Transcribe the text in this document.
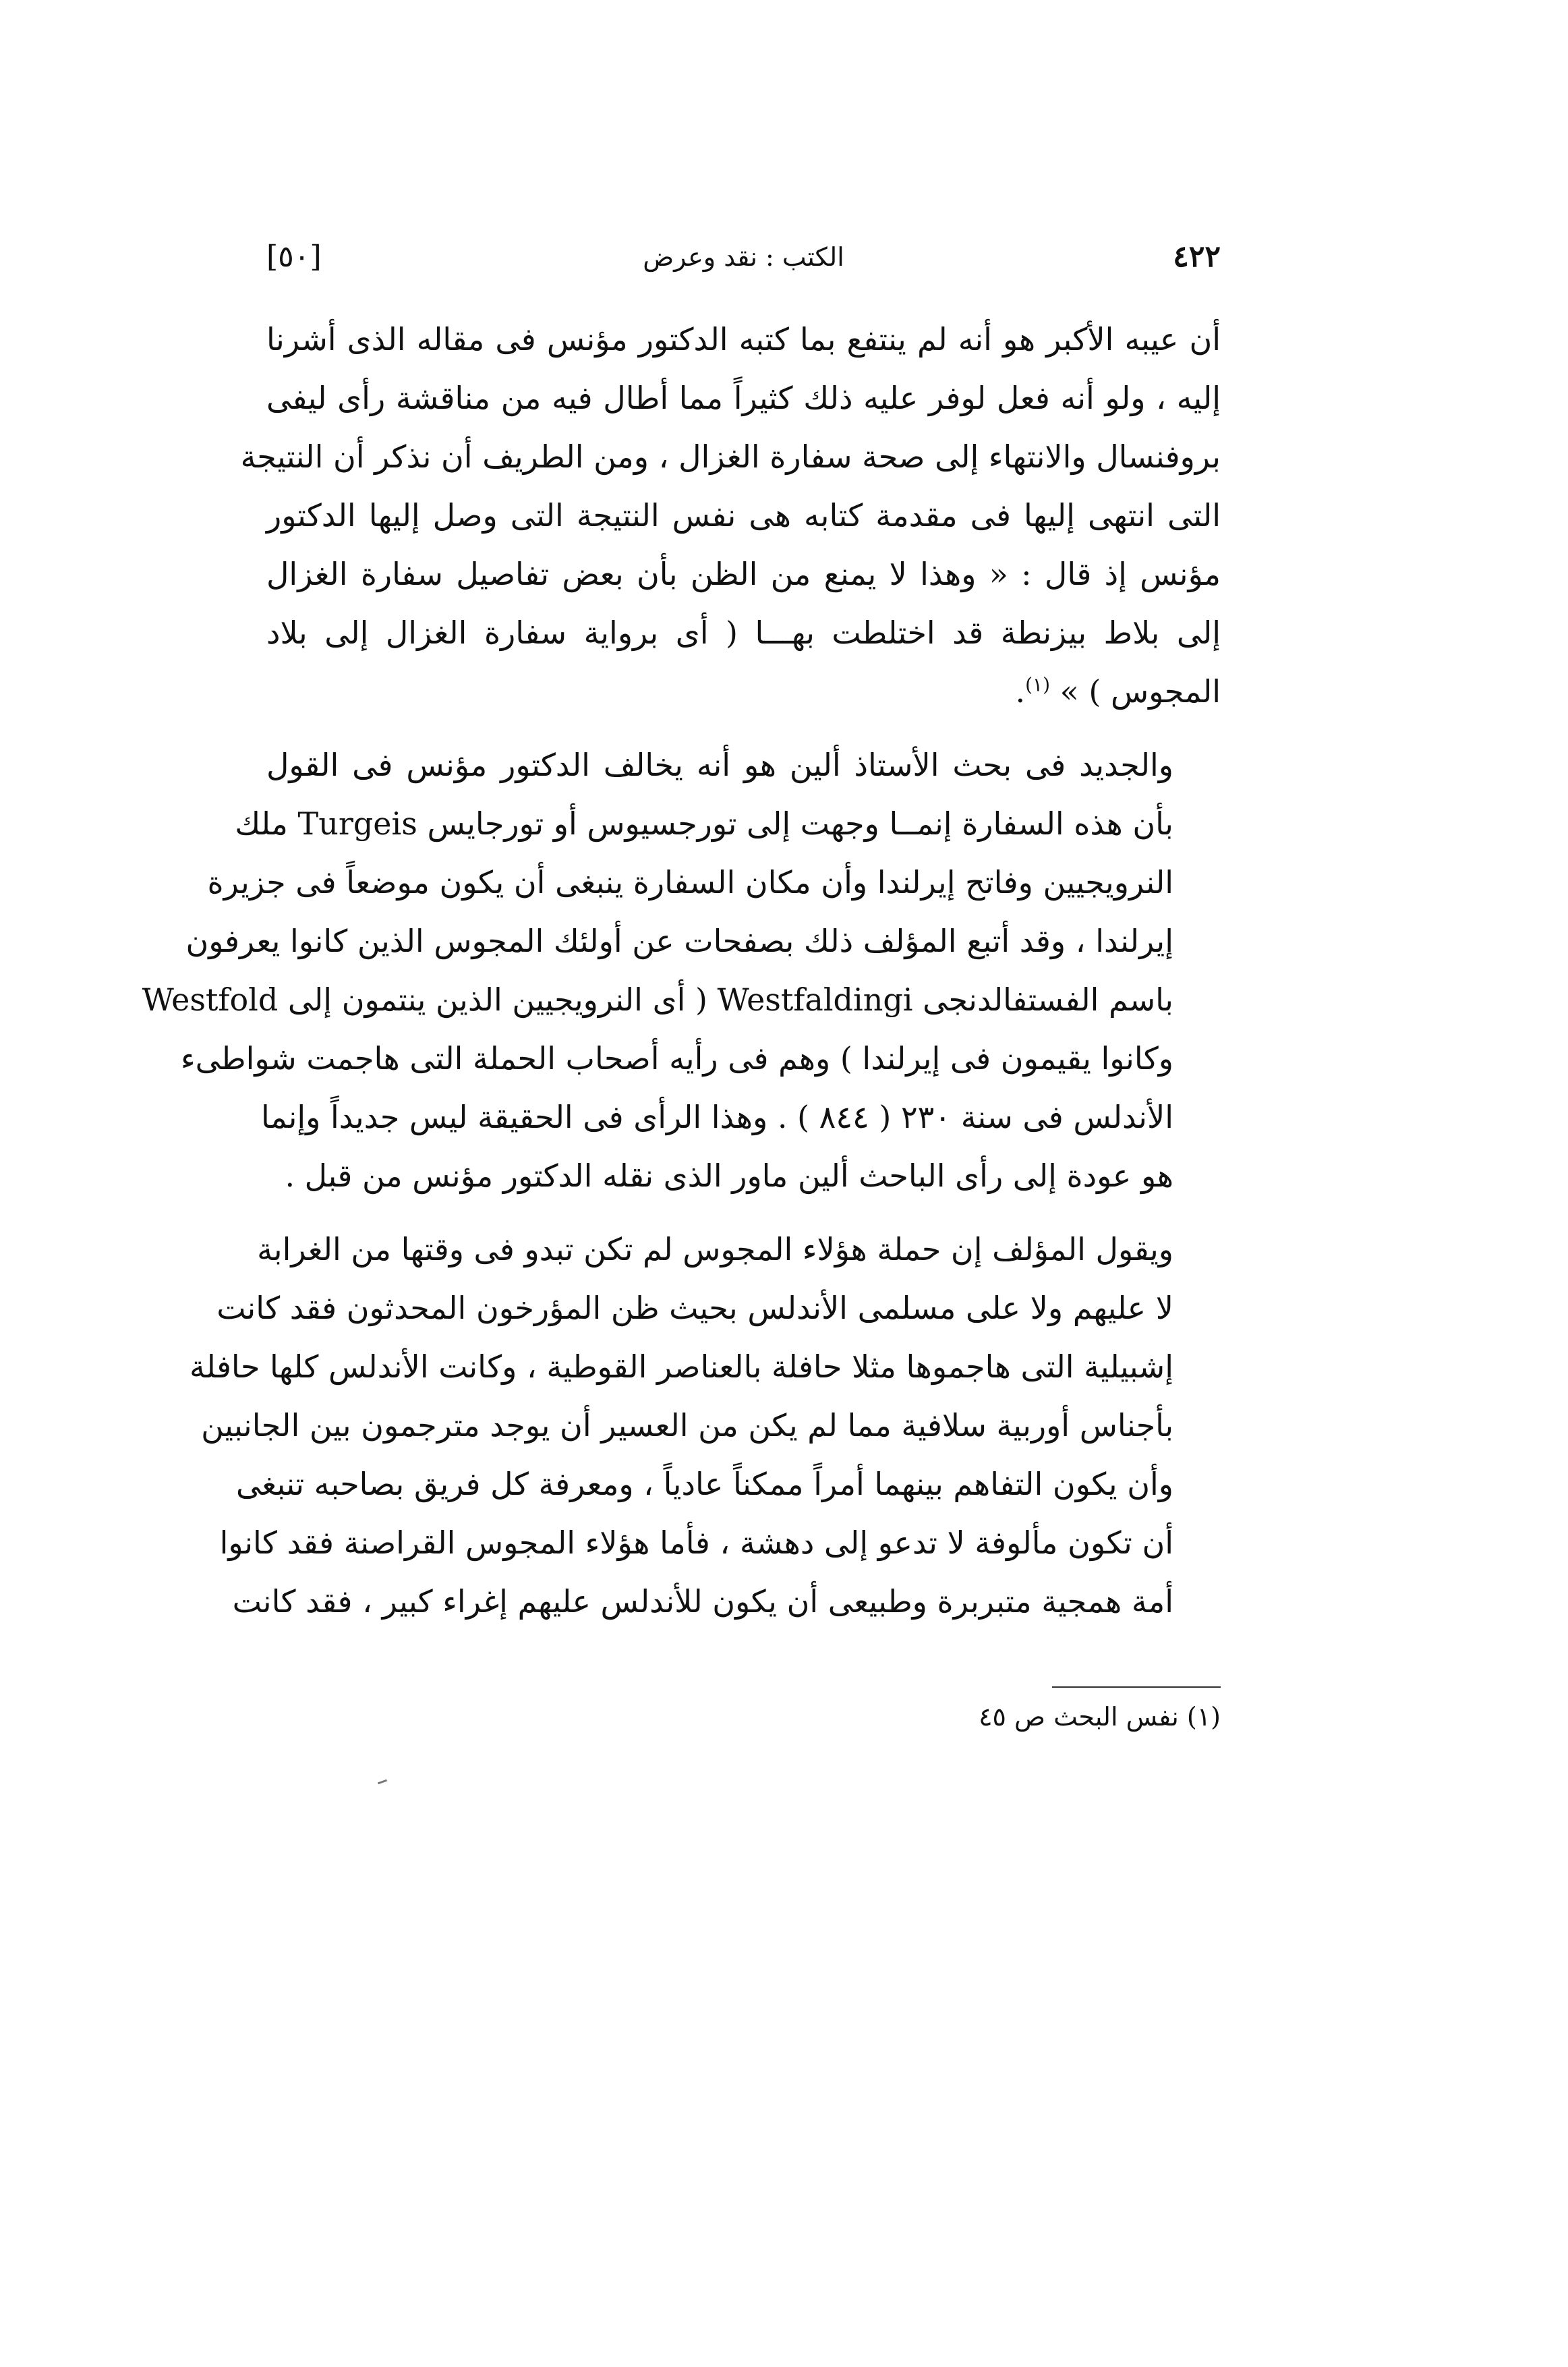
٤٢٢
الكتب : نقد وعرض
[٥٠]

أن عيبه الأكبر هو أنه لم ينتفع بما كتبه الدكتور مؤنس فى مقاله الذى أشرنا
إليه ، ولو أنه فعل لوفر عليه ذلك كثيراً مما أطال فيه من مناقشة رأى ليفى
بروفنسال والانتهاء إلى صحة سفارة الغزال ، ومن الطريف أن نذكر أن النتيجة
التى انتهى إليها فى مقدمة كتابه هى نفس النتيجة التى وصل إليها الدكتور
مؤنس إذ قال : « وهذا لا يمنع من الظن بأن بعض تفاصيل سفارة الغزال
إلى بلاط بيزنطة قد اختلطت بهـــا ( أى برواية سفارة الغزال إلى بلاد
المجوس ) » $^{(١)}$.

والجديد فى بحث الأستاذ ألين هو أنه يخالف الدكتور مؤنس فى القول
بأن هذه السفارة إنمــا وجهت إلى تورجسيوس أو تورجايس Turgeis ملك
النرويجيين وفاتح إيرلندا وأن مكان السفارة ينبغى أن يكون موضعاً فى جزيرة
إيرلندا ، وقد أتبع المؤلف ذلك بصفحات عن أولئك المجوس الذين كانوا يعرفون
باسم الفستفالدنجى Westfaldingi ( أى النرويجيين الذين ينتمون إلى Westfold
وكانوا يقيمون فى إيرلندا ) وهم فى رأيه أصحاب الحملة التى هاجمت شواطىء
الأندلس فى سنة ٢٣٠ ( ٨٤٤ ) . وهذا الرأى فى الحقيقة ليس جديداً وإنما
هو عودة إلى رأى الباحث ألين ماور الذى نقله الدكتور مؤنس من قبل .

ويقول المؤلف إن حملة هؤلاء المجوس لم تكن تبدو فى وقتها من الغرابة
لا عليهم ولا على مسلمى الأندلس بحيث ظن المؤرخون المحدثون فقد كانت
إشبيلية التى هاجموها مثلا حافلة بالعناصر القوطية ، وكانت الأندلس كلها حافلة
بأجناس أوربية سلافية مما لم يكن من العسير أن يوجد مترجمون بين الجانبين
وأن يكون التفاهم بينهما أمراً ممكناً عادياً ، ومعرفة كل فريق بصاحبه تنبغى
أن تكون مألوفة لا تدعو إلى دهشة ، فأما هؤلاء المجوس القراصنة فقد كانوا
أمة همجية متبربرة وطبيعى أن يكون للأندلس عليهم إغراء كبير ، فقد كانت

(١) نفس البحث ص ٤٥
